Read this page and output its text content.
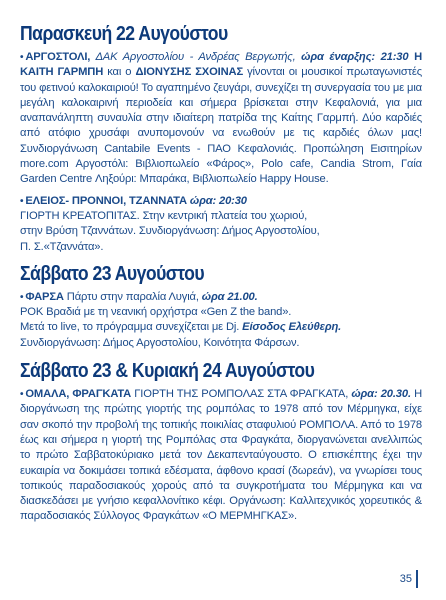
Παρασκευή 22 Αυγούστου

• ΑΡΓΟΣΤΟΛΙ, ΔΑΚ Αργοστολίου - Ανδρέας Βεργωτής, ώρα έναρξης: 21:30 Η ΚΑΙΤΗ ΓΑΡΜΠΗ και ο ΔΙΟΝΥΣΗΣ ΣΧΟΙΝΑΣ γίνονται οι μουσικοί πρωταγωνιστές του φετινού καλοκαιριού! Το αγαπημένο ζευγάρι, συνεχίζει τη συνεργασία του με μια μεγάλη καλοκαιρινή περιοδεία και σήμερα βρίσκεται στην Κεφαλονιά, για μια αναπανάληπτη συναυλία στην ιδιαίτερη πατρίδα της Καίτης Γαρμπή. Δύο καρδιές από ατόφιο χρυσάφι ανυπομονούν να ενωθούν με τις καρδιές όλων μας! Συνδιοργάνωση Cantabile Events - ΠΑΟ Κεφαλονιάς. Προπώληση Εισιτηρίων more.com Αργοστόλι: Βιβλιοπωλείο «Φάρος», Polo cafe, Candia Strom, Γαία Garden Centre Ληξούρι: Μπαράκα, Βιβλιοπωλείο Happy House.

• ΕΛΕΙΟΣ- ΠΡΟΝΝΟΙ, ΤΖΑΝΝΑΤΑ ώρα: 20:30

ΓΙΟΡΤΗ ΚΡΕΑΤΟΠΙΤΑΣ. Στην κεντρική πλατεία του χωριού,

στην Βρύση Τζαννάτων. Συνδιοργάνωση: Δήμος Αργοστολίου,

Π. Σ.«Τζαννάτα».

Σάββατο 23 Αυγούστου

• ΦΑΡΣΑ Πάρτυ στην παραλία Λυγιά, ώρα 21.00.

ΡΟΚ Βραδιά με τη νεανική ορχήστρα «Gen Z the band».

Μετά το live, το πρόγραμμα συνεχίζεται με Dj. Είσοδος Ελεύθερη.

Συνδιοργάνωση: Δήμος Αργοστολίου, Κοινότητα Φάρσων.

Σάββατο 23 & Κυριακή 24 Αυγούστου

• ΟΜΑΛΑ, ΦΡΑΓΚΑΤΑ ΓΙΟΡΤΗ ΤΗΣ ΡΟΜΠΟΛΑΣ ΣΤΑ ΦΡΑΓΚΑΤΑ, ώρα: 20.30. Η διοργάνωση της πρώτης γιορτής της ρομπόλας το 1978 από τον Μέρμηγκα, είχε σαν σκοπό την προβολή της τοπικής ποικιλίας σταφυλιού ΡΟΜΠΟΛΑ. Από το 1978 έως και σήμερα η γιορτή της Ρομπόλας στα Φραγκάτα, διοργανώνεται ανελλιπώς το πρώτο Σαββατοκύριακο μετά τον Δεκαπενταύγουστο. Ο επισκέπτης έχει την ευκαιρία να δοκιμάσει τοπικά εδέσματα, άφθονο κρασί (δωρεάν), να γνωρίσει τους τοπικούς παραδοσιακούς χορούς από τα συγκροτήματα του Μέρμηγκα και να διασκεδάσει με γνήσιο κεφαλλονίτικο κέφι. Οργάνωση: Καλλιτεχνικός χορευτικός & παραδοσιακός Σύλλογος Φραγκάτων «Ο ΜΕΡΜΗΓΚΑΣ».

35
